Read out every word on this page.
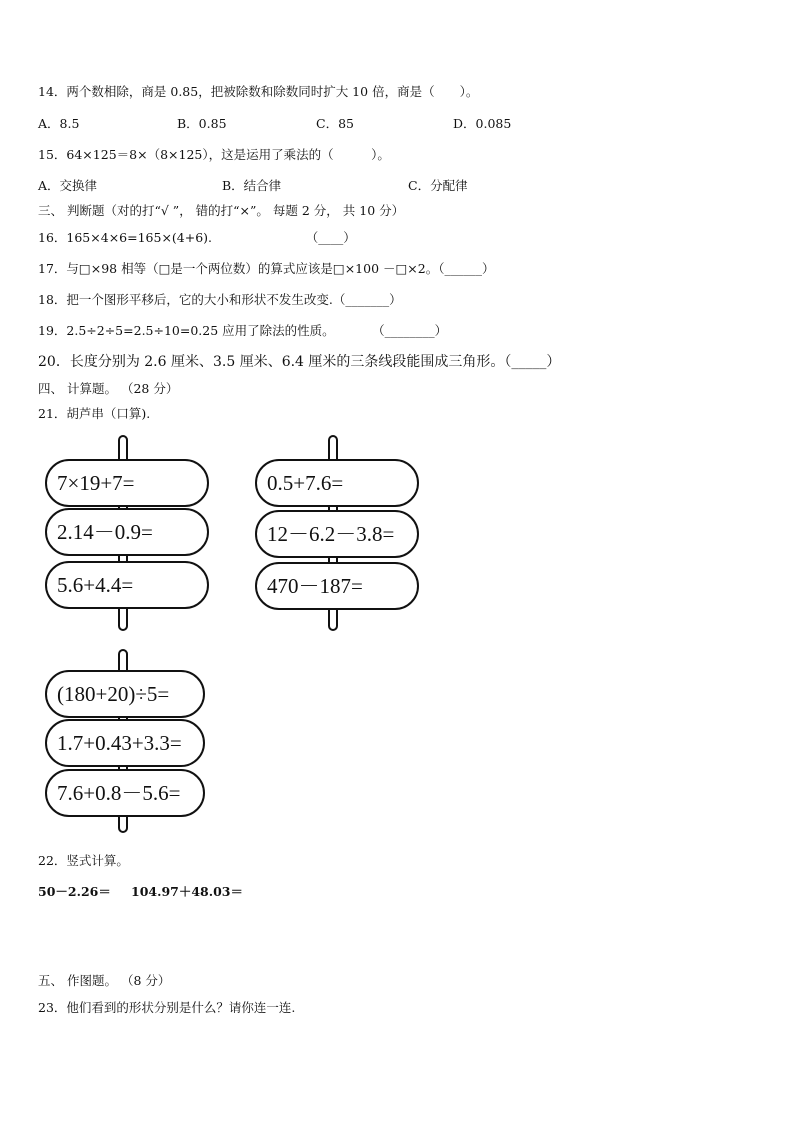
14．两个数相除，商是 0.85，把被除数和除数同时扩大 10 倍，商是（　　）。
A．8.5	B．0.85	C．85	D．0.085
15．64×125＝8×（8×125），这是运用了乘法的（　　　）。
A．交换律	B．结合律	C．分配律
三、 判断题（对的打“√ ”， 错的打“×”。 每题 2 分， 共 10 分）
16．165×4×6=165×(4+6).　　　　　　　　（____）
17．与□×98 相等（□是一个两位数）的算式应该是□×100 －□×2。（______）
18．把一个图形平移后，它的大小和形状不发生改变.（_______）
19．2.5÷2÷5=2.5÷10=0.25 应用了除法的性质。　　　　（________）
20．长度分别为 2.6 厘米、3.5 厘米、6.4 厘米的三条线段能围成三角形。（_____）
四、 计算题。 （28 分）
21．胡芦串（口算).
7×19+7=
2.14－0.9=
5.6+4.4=
0.5+7.6=
12－6.2－3.8=
470－187=
(180+20)÷5=
1.7+0.43+3.3=
7.6+0.8－5.6=
22．竖式计算。
50－2.26＝ 104.97＋48.03＝
五、 作图题。 （8 分）
23．他们看到的形状分别是什么？请你连一连.
